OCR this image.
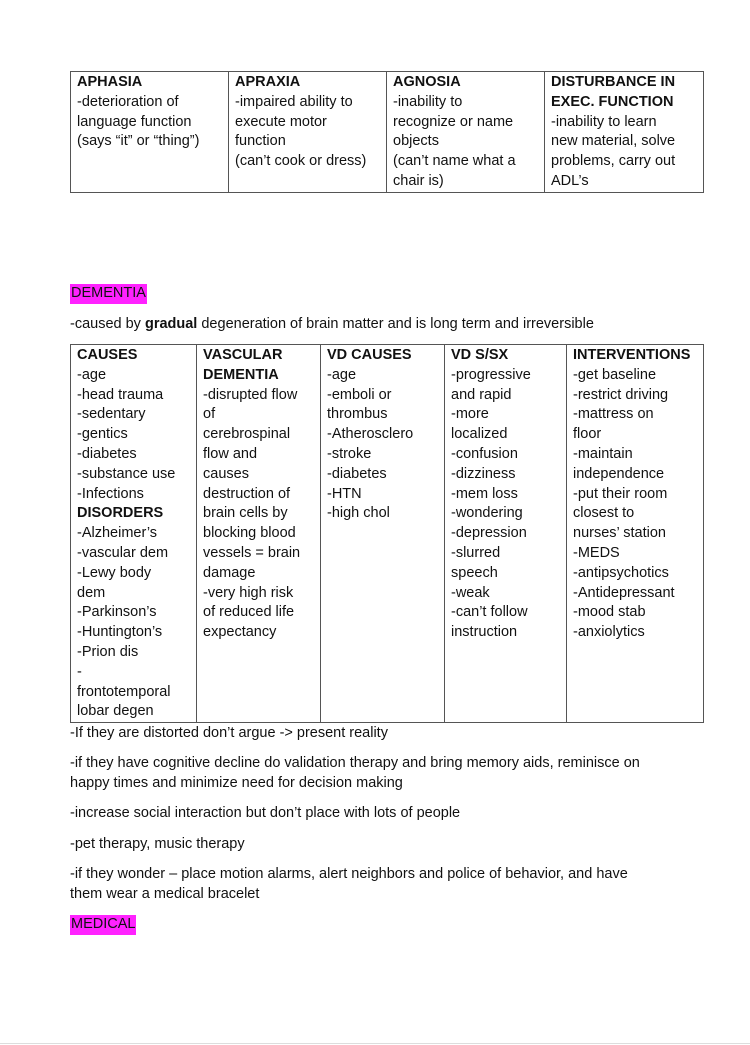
APHASIA
-deterioration of
language function
(says “it” or “thing”)

APRAXIA
-impaired ability to
execute motor
function
(can’t cook or dress)

AGNOSIA
-inability to
recognize or name
objects
(can’t name what a
chair is)

DISTURBANCE IN
EXEC. FUNCTION
-inability to learn
new material, solve
problems, carry out
ADL’s
DEMENTIA
-caused by gradual degeneration of brain matter and is long term and irreversible
CAUSES
-age
-head trauma
-sedentary
-gentics
-diabetes
-substance use
-Infections
DISORDERS
-Alzheimer’s
-vascular dem
-Lewy body
dem
-Parkinson’s
-Huntington’s
-Prion dis
-
frontotemporal
lobar degen

VASCULAR
DEMENTIA
-disrupted flow
of
cerebrospinal
flow and
causes
destruction of
brain cells by
blocking blood
vessels = brain
damage
-very high risk
of reduced life
expectancy

VD CAUSES
-age
-emboli or
thrombus
-Atherosclero
-stroke
-diabetes
-HTN
-high chol

VD S/SX
-progressive
and rapid
-more
localized
-confusion
-dizziness
-mem loss
-wondering
-depression
-slurred
speech
-weak
-can’t follow
instruction

INTERVENTIONS
-get baseline
-restrict driving
-mattress on
floor
-maintain
independence
-put their room
closest to
nurses’ station
-MEDS
-antipsychotics
-Antidepressant
-mood stab
-anxiolytics
-If they are distorted don’t argue -> present reality
-if they have cognitive decline do validation therapy and bring memory aids, reminisce on
happy times and minimize need for decision making
-increase social interaction but don’t place with lots of people
-pet therapy, music therapy
-if they wonder – place motion alarms, alert neighbors and police of behavior, and have
them wear a medical bracelet
MEDICAL
